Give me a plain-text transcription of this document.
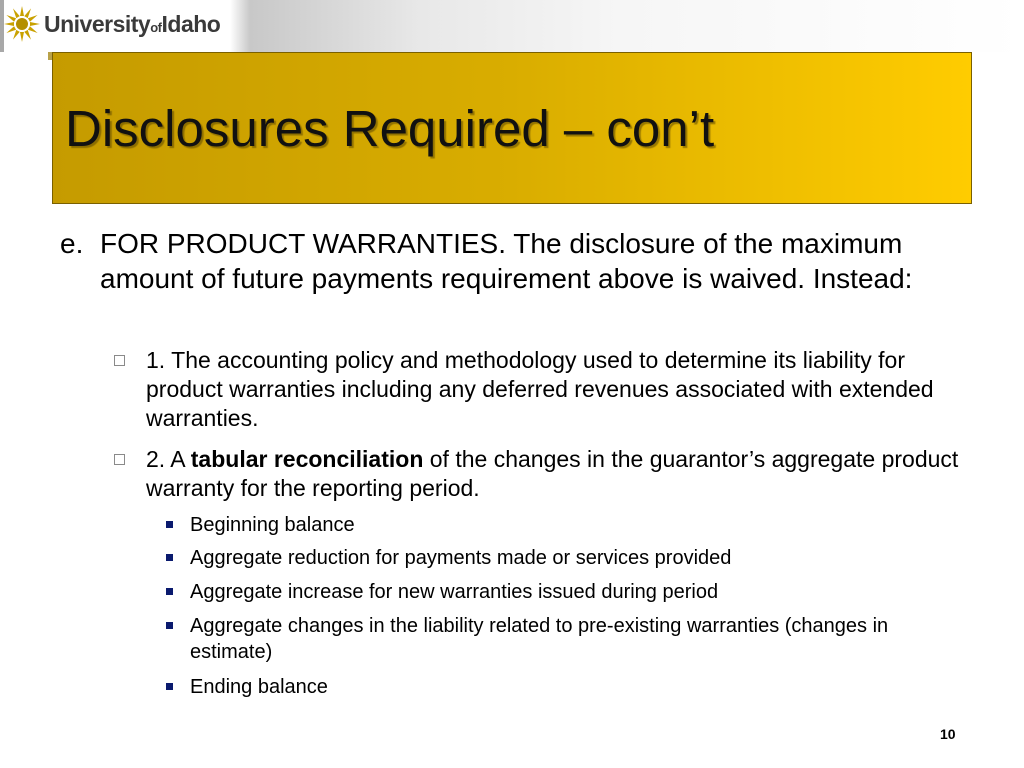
UniversityofIdaho
Disclosures Required – con’t
e. FOR PRODUCT WARRANTIES. The disclosure of the maximum amount of future payments requirement above is waived. Instead:
1. The accounting policy and methodology used to determine its liability for product warranties including any deferred revenues associated with extended warranties.
2. A tabular reconciliation of the changes in the guarantor’s aggregate product warranty for the reporting period.
Beginning balance
Aggregate reduction for payments made or services provided
Aggregate increase for new warranties issued during period
Aggregate changes in the liability related to pre-existing warranties (changes in estimate)
Ending balance
10
